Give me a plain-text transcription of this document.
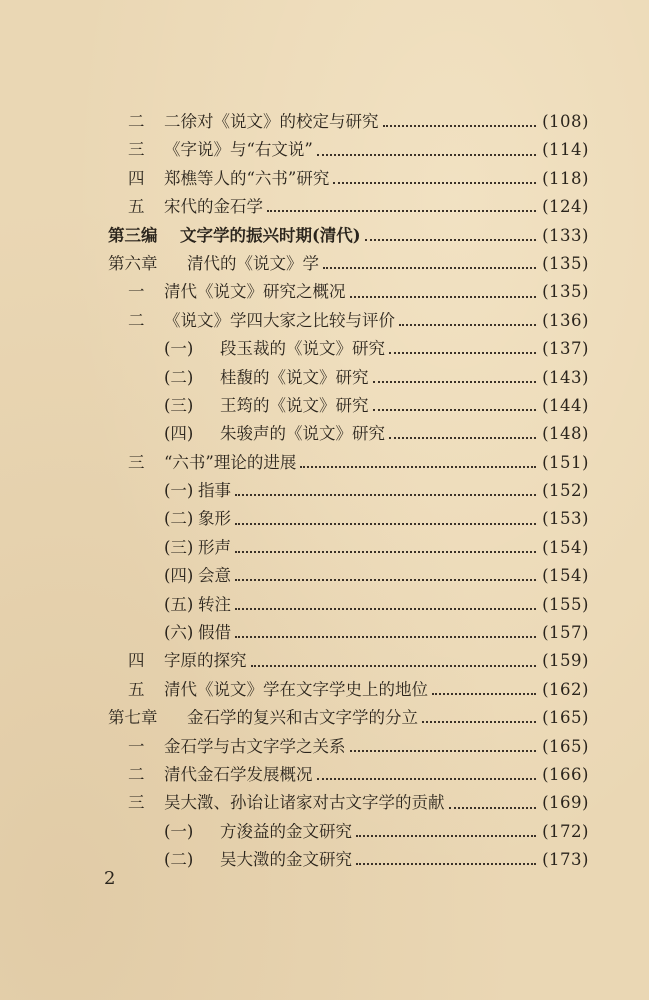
二 二徐对《说文》的校定与研究	(108)
三 《字说》与“右文说”	(114)
四 郑樵等人的“六书”研究	(118)
五 宋代的金石学	(124)
第三编 文字学的振兴时期(清代)	(133)
第六章 清代的《说文》学	(135)
一 清代《说文》研究之概况	(135)
二 《说文》学四大家之比较与评价	(136)
(一) 段玉裁的《说文》研究	(137)
(二) 桂馥的《说文》研究	(143)
(三) 王筠的《说文》研究	(144)
(四) 朱骏声的《说文》研究	(148)
三 “六书”理论的进展	(151)
(一) 指事	(152)
(二) 象形	(153)
(三) 形声	(154)
(四) 会意	(154)
(五) 转注	(155)
(六) 假借	(157)
四 字原的探究	(159)
五 清代《说文》学在文字学史上的地位	(162)
第七章 金石学的复兴和古文字学的分立	(165)
一 金石学与古文字学之关系	(165)
二 清代金石学发展概况	(166)
三 吴大澂、孙诒让诸家对古文字学的贡献	(169)
(一) 方浚益的金文研究	(172)
(二) 吴大澂的金文研究	(173)
2
